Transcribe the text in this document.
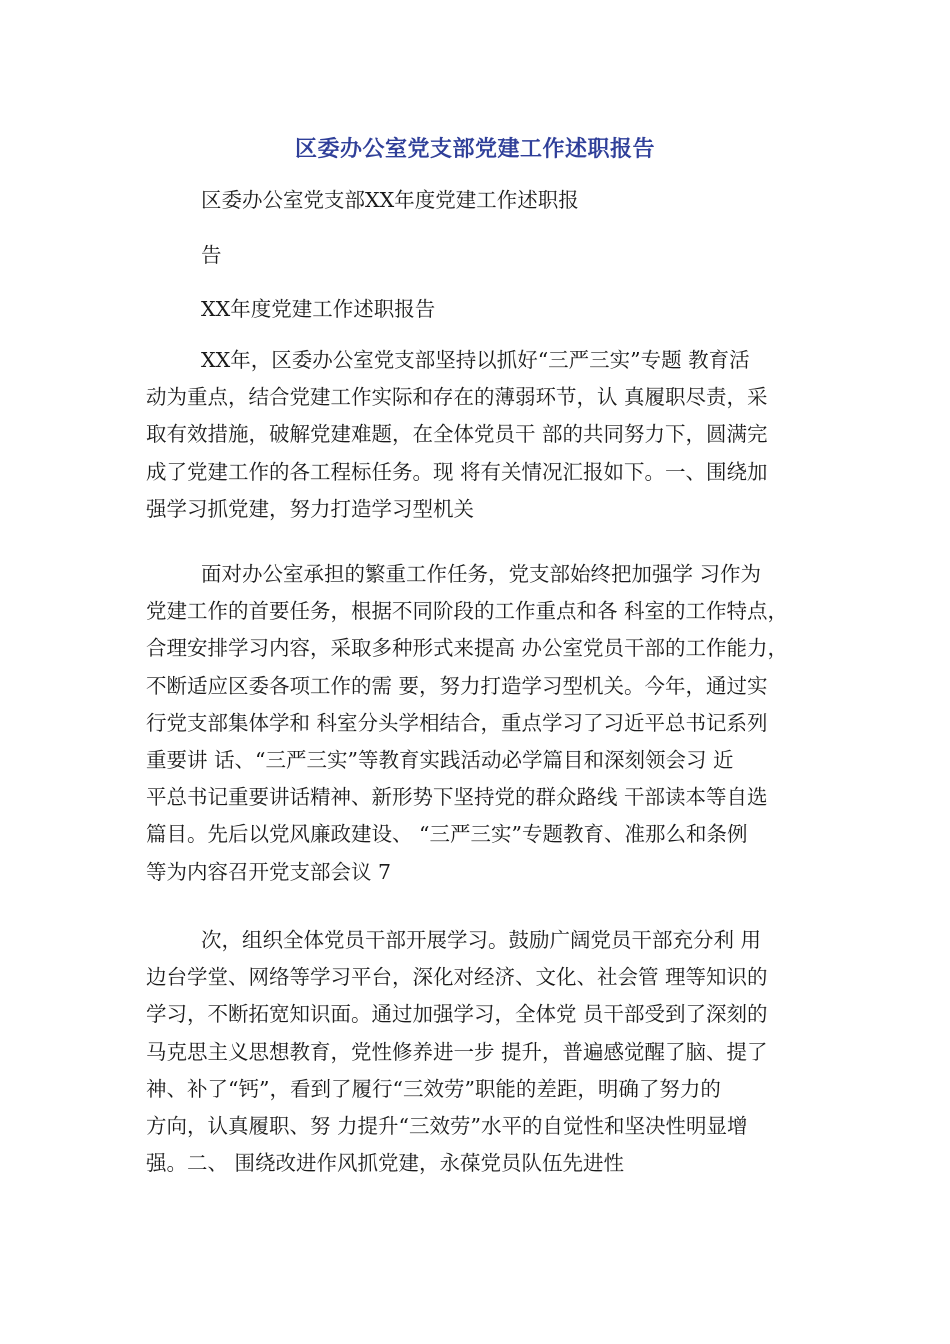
区委办公室党支部党建工作述职报告
区委办公室党支部XX年度党建工作述职报
告
XX年度党建工作述职报告
XX年，区委办公室党支部坚持以抓好“三严三实”专题 教育活
动为重点，结合党建工作实际和存在的薄弱环节，认 真履职尽责，采
取有效措施，破解党建难题，在全体党员干 部的共同努力下，圆满完
成了党建工作的各工程标任务。现 将有关情况汇报如下。一、围绕加
强学习抓党建，努力打造学习型机关
面对办公室承担的繁重工作任务，党支部始终把加强学 习作为
党建工作的首要任务，根据不同阶段的工作重点和各 科室的工作特点，
合理安排学习内容，采取多种形式来提高 办公室党员干部的工作能力，
不断适应区委各项工作的需 要，努力打造学习型机关。今年，通过实
行党支部集体学和 科室分头学相结合，重点学习了习近平总书记系列
重要讲 话、“三严三实”等教育实践活动必学篇目和深刻领会习 近
平总书记重要讲话精神、新形势下坚持党的群众路线 干部读本等自选
篇目。先后以党风廉政建设、 “三严三实”专题教育、准那么和条例
等为内容召开党支部会议 7
次，组织全体党员干部开展学习。鼓励广阔党员干部充分利 用
边台学堂、网络等学习平台，深化对经济、文化、社会管 理等知识的
学习，不断拓宽知识面。通过加强学习，全体党 员干部受到了深刻的
马克思主义思想教育，党性修养进一步 提升，普遍感觉醒了脑、提了
神、补了“钙”，看到了履行“三效劳”职能的差距，明确了努力的
方向，认真履职、努 力提升“三效劳”水平的自觉性和坚决性明显增
强。二、 围绕改进作风抓党建，永葆党员队伍先进性
